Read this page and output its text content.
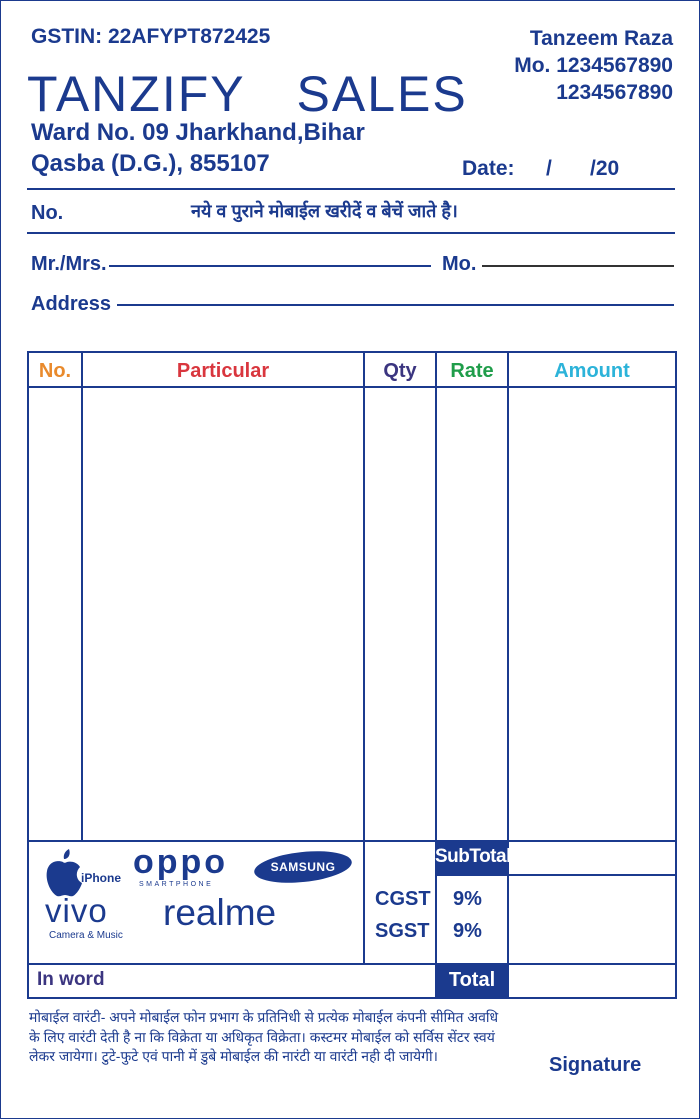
GSTIN: 22AFYPT872425	Tanzeem Raza
Mo. 1234567890
1234567890
TANZIFY  SALES
Ward No. 09 Jharkhand,Bihar
Qasba (D.G.), 855107	Date: / /20
No.	नये व पुराने मोबाईल खरीदें व बेचें जाते है।
Mr./Mrs.	Mo.
Address
No.	Particular	Qty	Rate	Amount
SubTotal
CGST 9%
SGST 9%
In word	Total
iPhone oppo
SMARTPHONE
SAMSUNG
vivo
Camera & Music
realme
मोबाईल वारंटी- अपने मोबाईल फोन प्रभाग के प्रतिनिधी से प्रत्येक मोबाईल कंपनी सीमित अवधि के लिए वारंटी देती है ना कि विक्रेता या अधिकृत विक्रेता। कस्टमर मोबाईल को सर्विस सेंटर स्वयं लेकर जायेगा। टुटे-फुटे एवं पानी में डुबे मोबाईल की नारंटी या वारंटी नही दी जायेगी।	Signature
